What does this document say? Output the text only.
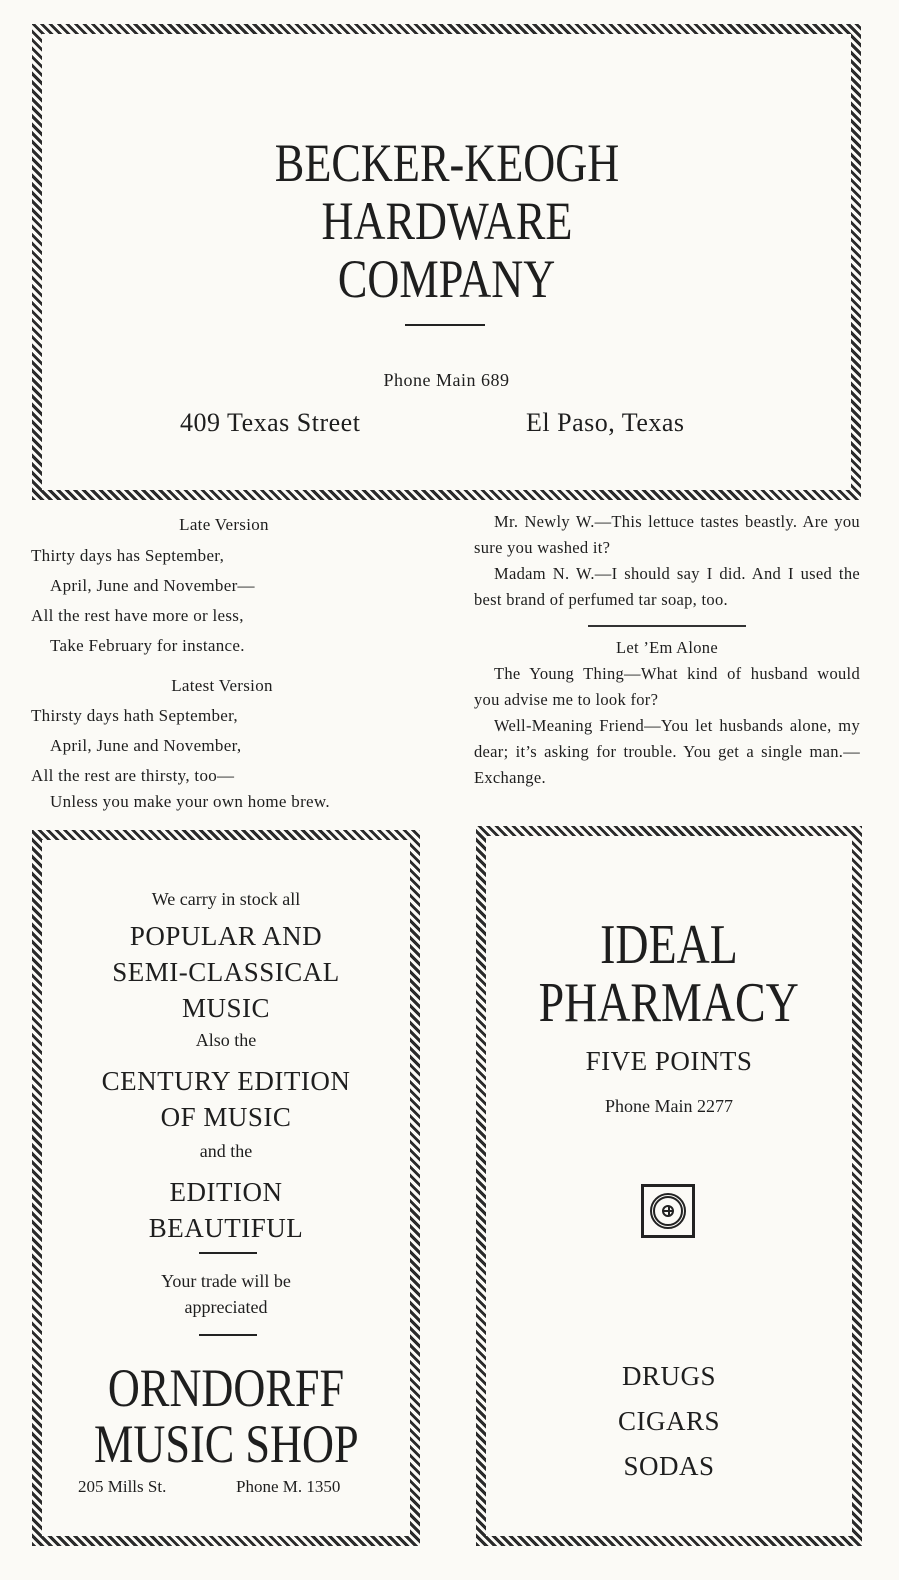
BECKER-KEOGH
HARDWARE
COMPANY
Phone Main 689
409 Texas Street	El Paso, Texas

Late Version

Thirty days has September,

April, June and November—

All the rest have more or less,

Take February for instance.

Latest Version

Thirsty days hath September,

April, June and November,

All the rest are thirsty, too—

Unless you make your own home brew.

Mr. Newly W.—This lettuce tastes beastly. Are you sure you washed it?

Madam N. W.—I should say I did. And I used the best brand of perfumed tar soap, too.

Let ’Em Alone

The Young Thing—What kind of husband would you advise me to look for?

Well-Meaning Friend—You let husbands alone, my dear; it’s asking for trouble. You get a single man.—Exchange.

We carry in stock all
POPULAR AND
SEMI-CLASSICAL
MUSIC
Also the
CENTURY EDITION
OF MUSIC
and the
EDITION
BEAUTIFUL
Your trade will be
appreciated
ORNDORFF
MUSIC SHOP
205 Mills St.	Phone M. 1350
IDEAL
PHARMACY
FIVE POINTS
Phone Main 2277
DRUGS
CIGARS
SODAS
